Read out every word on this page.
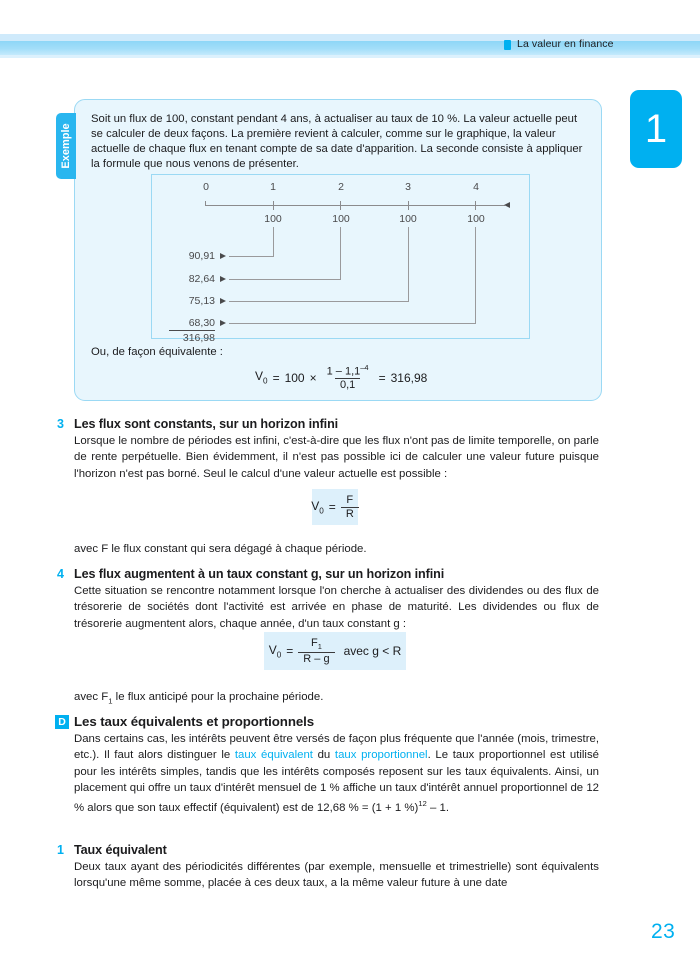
La valeur en finance
1
23
Exemple
Soit un flux de 100, constant pendant 4 ans, à actualiser au taux de 10 %. La valeur actuelle peut se calculer de deux façons. La première revient à calculer, comme sur le graphique, la valeur actuelle de chaque flux en tenant compte de sa date d'apparition. La seconde consiste à appliquer la formule que nous venons de présenter.
0	1	2	3	4
100	100	100	100
90,91
82,64
75,13
68,30
316,98
Ou, de façon équivalente :
$V_0 = 100 \times \frac{1 - 1,1^{-4}}{0,1} = 316,98$
3 Les flux sont constants, sur un horizon infini

Lorsque le nombre de périodes est infini, c'est-à-dire que les flux n'ont pas de limite temporelle, on parle de rente perpétuelle. Bien évidemment, il n'est pas possible ici de calculer une valeur future puisque l'horizon n'est pas borné. Seul le calcul d'une valeur actuelle est possible :

$V_0 = \frac{F}{R}$

avec F le flux constant qui sera dégagé à chaque période.

4 Les flux augmentent à un taux constant g, sur un horizon infini

Cette situation se rencontre notamment lorsque l'on cherche à actualiser des dividendes ou des flux de trésorerie de sociétés dont l'activité est arrivée en phase de maturité. Les dividendes ou flux de trésorerie augmentent alors, chaque année, d'un taux constant g :

$V_0 = \frac{F_1}{R - g}$ avec g < R

avec $F_1$ le flux anticipé pour la prochaine période.

D Les taux équivalents et proportionnels

Dans certains cas, les intérêts peuvent être versés de façon plus fréquente que l'année (mois, trimestre, etc.). Il faut alors distinguer le taux équivalent du taux proportionnel. Le taux proportionnel est utilisé pour les intérêts simples, tandis que les intérêts composés reposent sur les taux équivalents. Ainsi, un placement qui offre un taux d'intérêt mensuel de 1 % affiche un taux d'intérêt annuel proportionnel de 12 % alors que son taux effectif (équivalent) est de 12,68 % = (1 + 1 %)$^{12}$ – 1.

1 Taux équivalent

Deux taux ayant des périodicités différentes (par exemple, mensuelle et trimestrielle) sont équivalents lorsqu'une même somme, placée à ces deux taux, a la même valeur future à une date
